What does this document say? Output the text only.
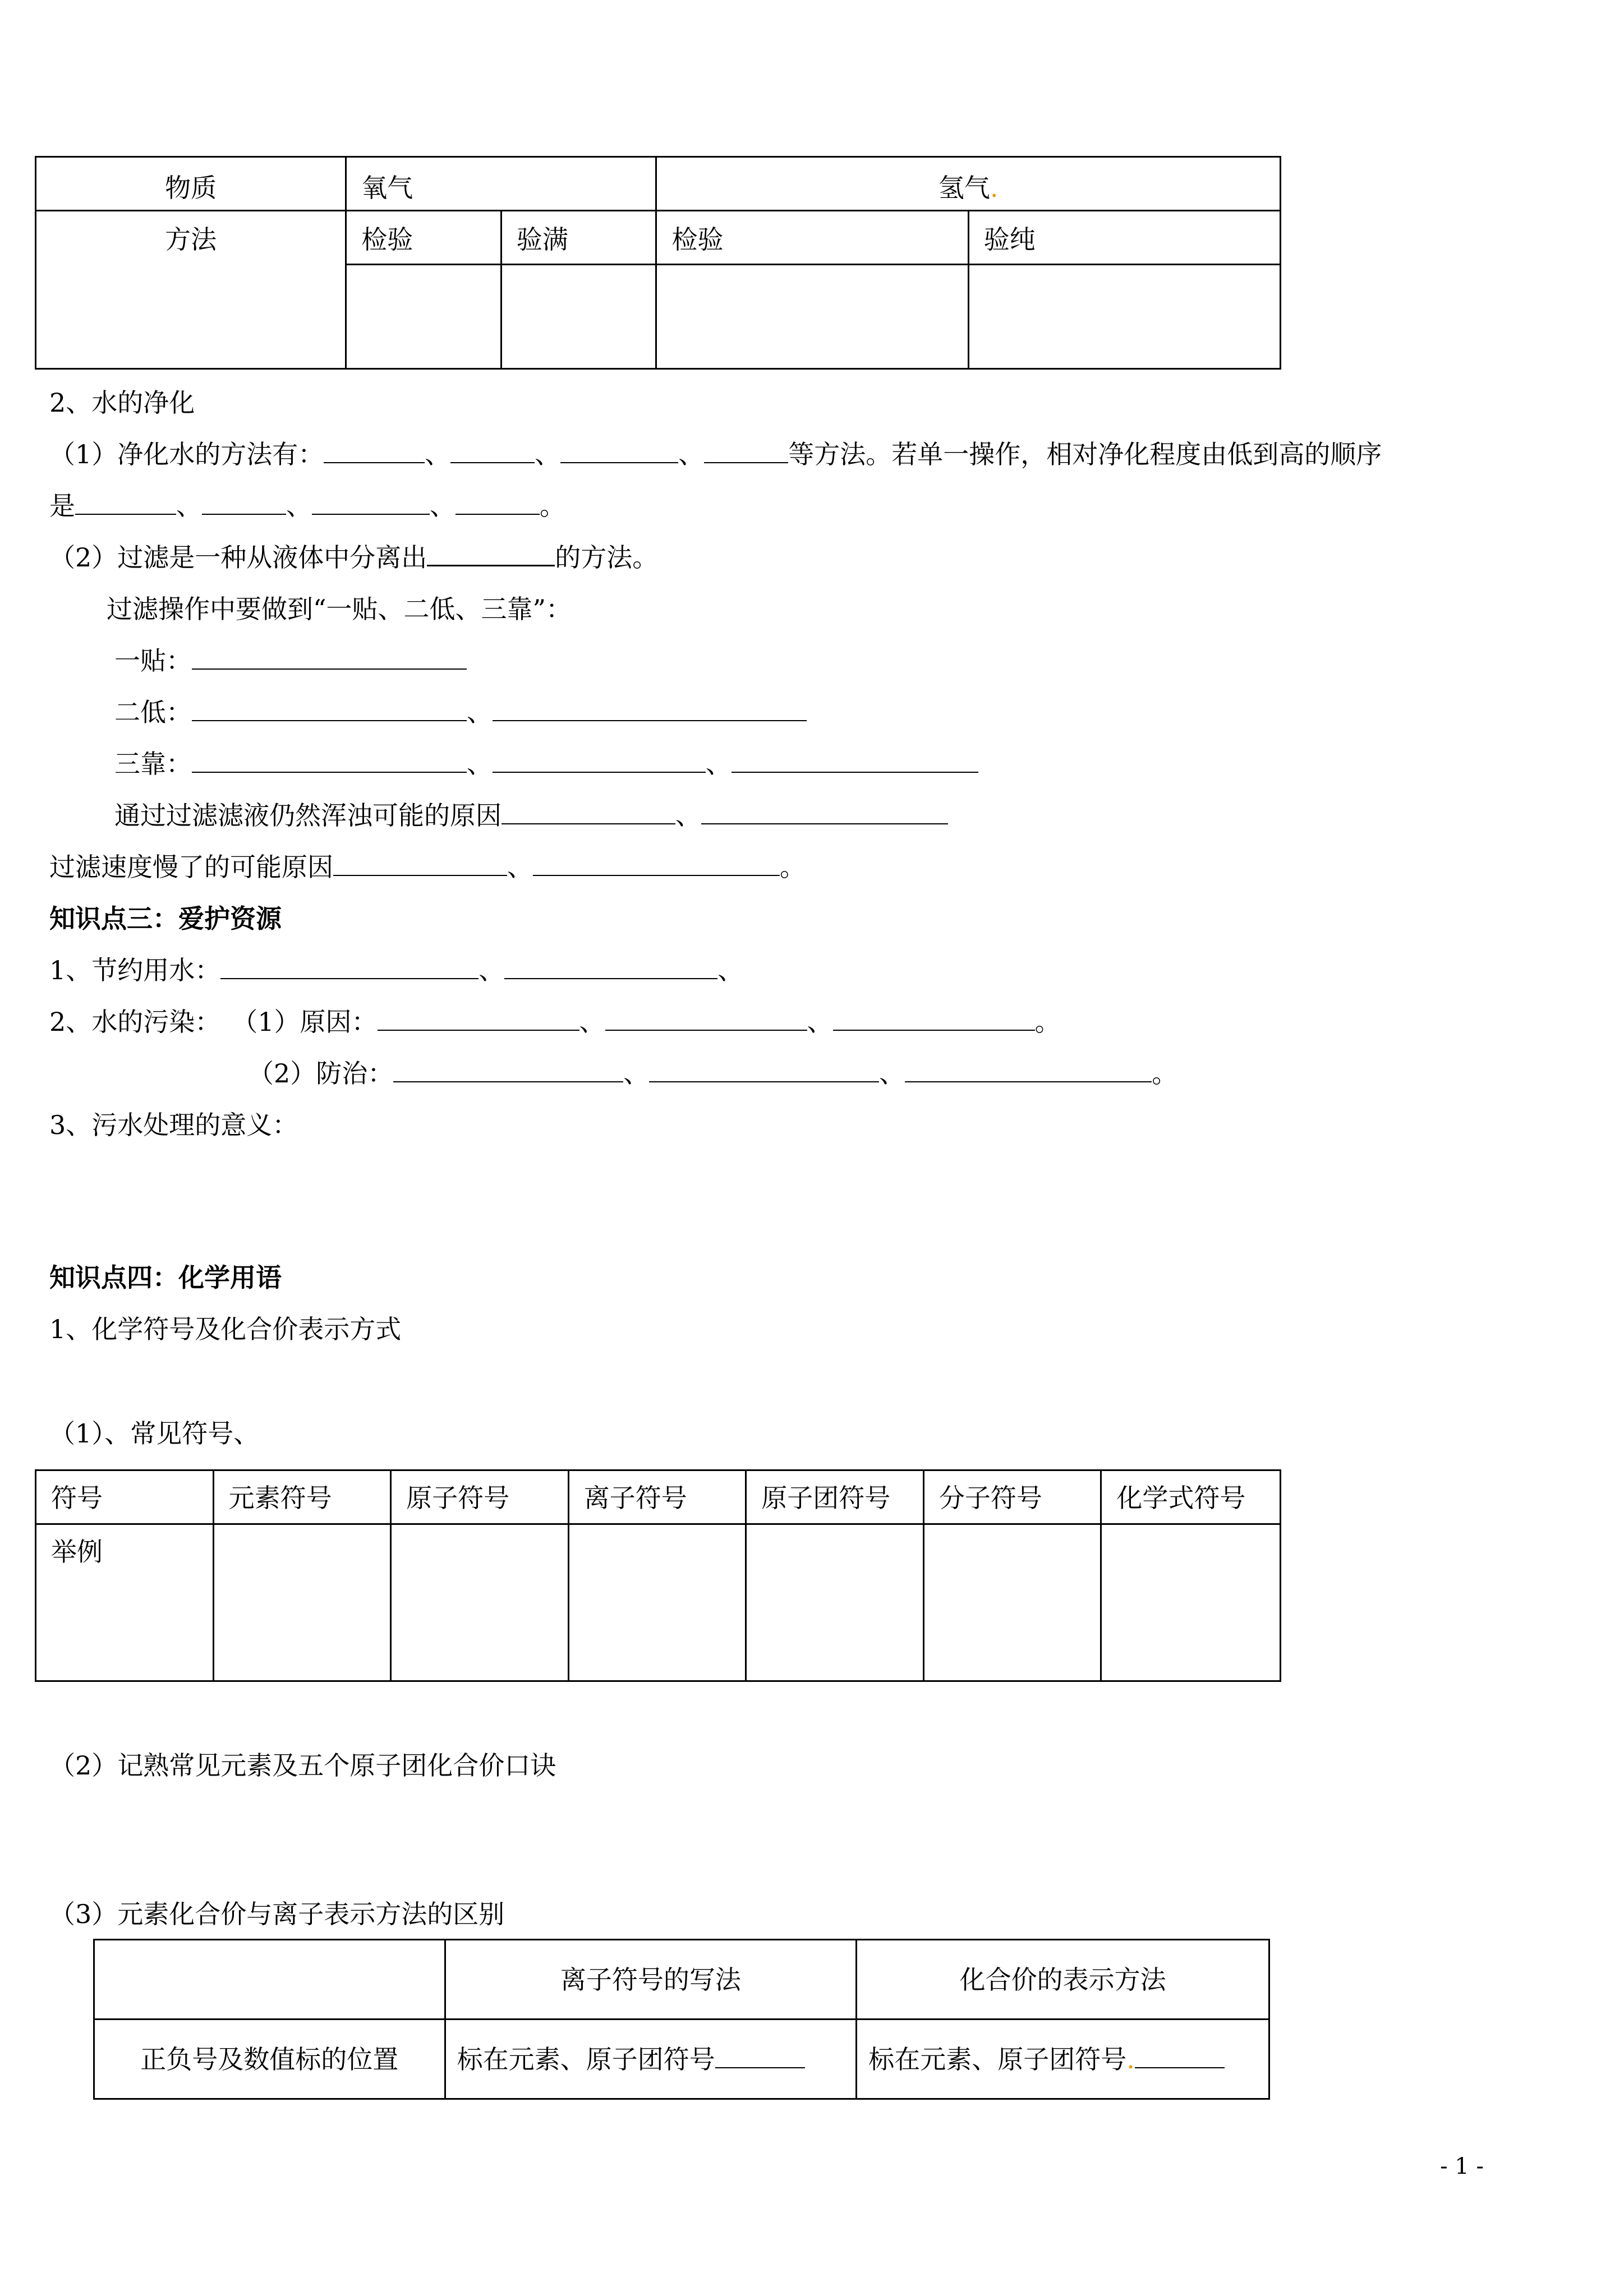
物质	氧气		氢气.	
方法	检验	验满	检验	验纯

2、水的净化
（1）净化水的方法有：	、	、	、	等方法。若单一操作，相对净化程度由低到高的顺序
是	、	、	、	。
（2）过滤是一种从液体中分离出	的方法。
过滤操作中要做到“一贴、二低、三靠”：
一贴：
二低：	、
三靠：	、	、
通过过滤滤液仍然浑浊可能的原因	、
过滤速度慢了的可能原因	、	。
知识点三：爱护资源
1、节约用水：	、	、
2、水的污染： （1）原因：	、	、	。
（2）防治：	、	、	。
3、污水处理的意义：
知识点四：化学用语
1、化学符号及化合价表示方式
（1）、常见符号、
符号	元素符号	原子符号	离子符号	原子团符号	分子符号	化学式符号
举例						
（2）记熟常见元素及五个原子团化合价口诀
（3）元素化合价与离子表示方法的区别
	离子符号的写法	化合价的表示方法
正负号及数值标的位置	标在元素、原子团符号	标在元素、原子团符号.
- 1 -
